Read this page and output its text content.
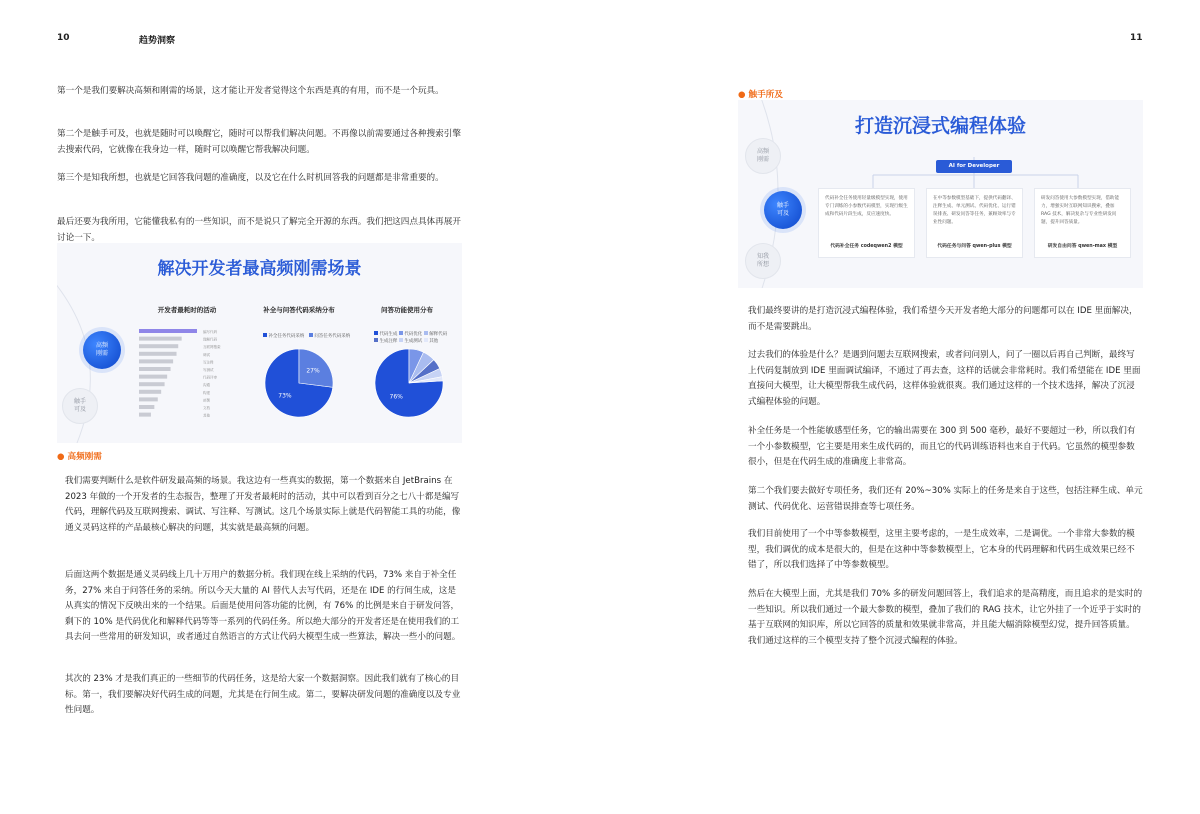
10	趋势洞察	11

第一个是我们要解决高频和刚需的场景，这才能让开发者觉得这个东西是真的有用，而不是一个玩具。

第二个是触手可及，也就是随时可以唤醒它，随时可以帮我们解决问题。不再像以前需要通过各种搜索引擎去搜索代码，它就像在我身边一样，随时可以唤醒它帮我解决问题。

第三个是知我所想，也就是它回答我问题的准确度，以及它在什么时机回答我的问题都是非常重要的。

最后还要为我所用，它能懂我私有的一些知识，而不是说只了解完全开源的东西。我们把这四点具体再展开讨论一下。

解决开发者最高频刚需场景
高频刚需
触手可及
开发者最耗时的活动	补全与问答代码采纳分布	问答功能使用分布
编写代码
理解代码
互联网搜索
调试
写注释
写测试
代码评审
沟通
构建
部署
文档
其他
补全任务代码采纳 问答任务代码采纳
73%
27%
代码生成 代码优化 解释代码
生成注释 生成测试 其他
76%
● 高频刚需

我们需要判断什么是软件研发最高频的场景。我这边有一些真实的数据，第一个数据来自 JetBrains 在 2023 年做的一个开发者的生态报告，整理了开发者最耗时的活动，其中可以看到百分之七八十都是编写代码，理解代码及互联网搜索、调试、写注释、写测试。这几个场景实际上就是代码智能工具的功能，像通义灵码这样的产品最核心解决的问题，其实就是最高频的问题。

后面这两个数据是通义灵码线上几十万用户的数据分析。我们现在线上采纳的代码，73% 来自于补全任务，27% 来自于问答任务的采纳。所以今天大量的 AI 替代人去写代码，还是在 IDE 的行间生成，这是从真实的情况下反映出来的一个结果。后面是使用问答功能的比例，有 76% 的比例是来自于研发问答，剩下的 10% 是代码优化和解释代码等等一系列的代码任务。所以绝大部分的开发者还是在使用我们的工具去问一些常用的研发知识，或者通过自然语言的方式让代码大模型生成一些算法，解决一些小的问题。

其次的 23% 才是我们真正的一些细节的代码任务，这是给大家一个数据洞察。因此我们就有了核心的目标。第一，我们要解决好代码生成的问题，尤其是在行间生成。第二，要解决研发问题的准确度以及专业性问题。

● 触手所及
打造沉浸式编程体验
AI for Developer
高频刚需
触手可及
知我所想
代码补全任务使用轻量级模型实现，使用专门训练的小参数代码模型，实现行级生成和代码片段生成，反应速度快。
代码补全任务 codeqwen2 模型
在中等参数模型基础下，提供代码翻译、注释生成、单元测试、代码优化、运行错误排查、研发问答等任务，兼顾效率与专业性问题。
代码任务与问答 qwen-plus 模型
研发问答使用大参数模型实现，借助能力，增强实时互联网知识搜索，叠加 RAG 技术，解决复杂与专业性研发问题，提升回答质量。
研发自由问答 qwen-max 模型

我们最终要讲的是打造沉浸式编程体验，我们希望今天开发者绝大部分的问题都可以在 IDE 里面解决，而不是需要跳出。

过去我们的体验是什么？是遇到问题去互联网搜索，或者问问别人，问了一圈以后再自己判断，最终写上代码复制放到 IDE 里面调试编译，不通过了再去查，这样的话就会非常耗时。我们希望能在 IDE 里面直接问大模型，让大模型帮我生成代码，这样体验就很爽。我们通过这样的一个技术选择，解决了沉浸式编程体验的问题。

补全任务是一个性能敏感型任务，它的输出需要在 300 到 500 毫秒，最好不要超过一秒，所以我们有一个小参数模型，它主要是用来生成代码的，而且它的代码训练语料也来自于代码。它虽然的模型参数很小，但是在代码生成的准确度上非常高。

第二个我们要去做好专项任务，我们还有 20%~30% 实际上的任务是来自于这些，包括注释生成、单元测试、代码优化、运营错误排查等七项任务。

我们目前使用了一个中等参数模型，这里主要考虑的，一是生成效率，二是调优。一个非常大参数的模型，我们调优的成本是很大的，但是在这种中等参数模型上，它本身的代码理解和代码生成效果已经不错了，所以我们选择了中等参数模型。

然后在大模型上面，尤其是我们 70% 多的研发问题回答上，我们追求的是高精度，而且追求的是实时的一些知识。所以我们通过一个最大参数的模型，叠加了我们的 RAG 技术，让它外挂了一个近乎于实时的基于互联网的知识库，所以它回答的质量和效果就非常高，并且能大幅消除模型幻觉，提升回答质量。我们通过这样的三个模型支持了整个沉浸式编程的体验。
